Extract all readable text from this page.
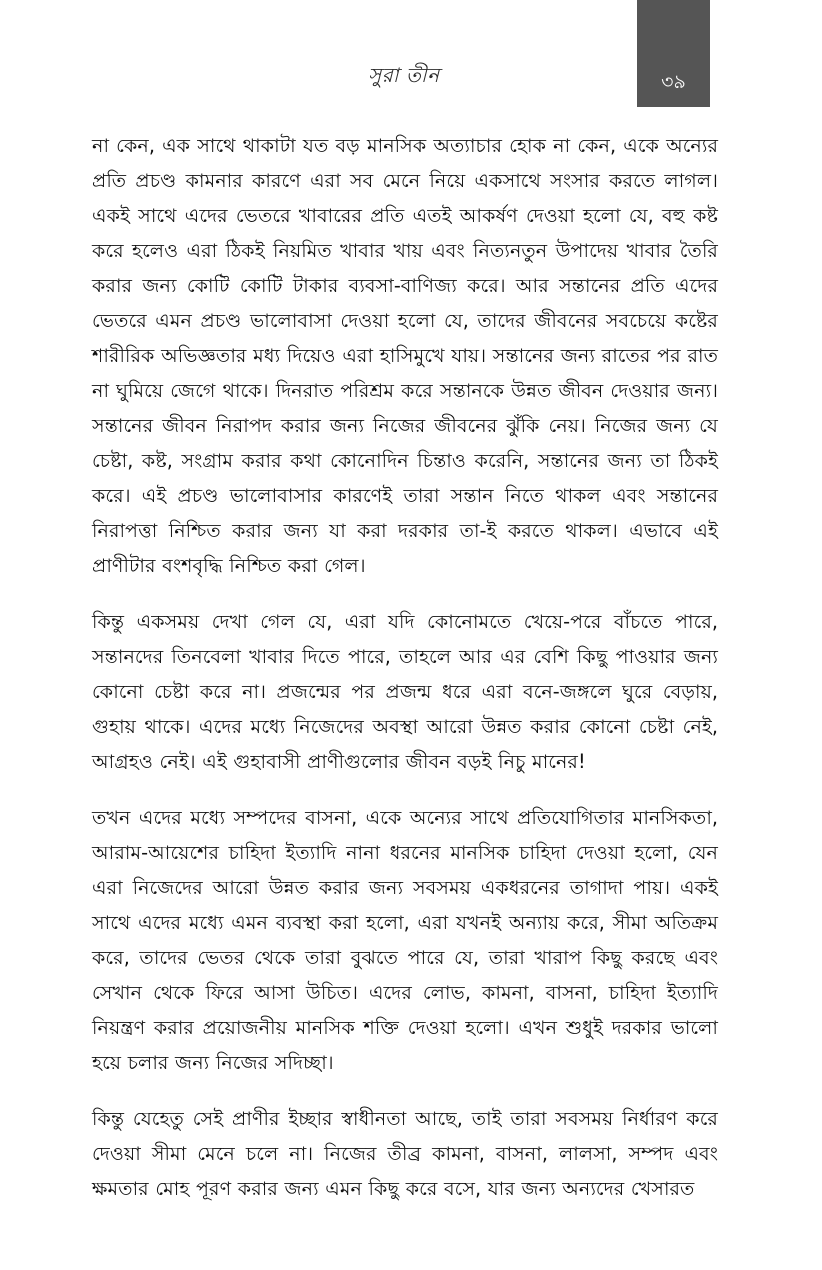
সুরা তীন	৩৯

না কেন, এক সাথে থাকাটা যত বড় মানসিক অত্যাচার হোক না কেন, একে অন্যের প্রতি প্রচণ্ড কামনার কারণে এরা সব মেনে নিয়ে একসাথে সংসার করতে লাগল। একই সাথে এদের ভেতরে খাবারের প্রতি এতই আকর্ষণ দেওয়া হলো যে, বহু কষ্ট করে হলেও এরা ঠিকই নিয়মিত খাবার খায় এবং নিত্যনতুন উপাদেয় খাবার তৈরি করার জন্য কোটি কোটি টাকার ব্যবসা-বাণিজ্য করে। আর সন্তানের প্রতি এদের ভেতরে এমন প্রচণ্ড ভালোবাসা দেওয়া হলো যে, তাদের জীবনের সবচেয়ে কষ্টের শারীরিক অভিজ্ঞতার মধ্য দিয়েও এরা হাসিমুখে যায়। সন্তানের জন্য রাতের পর রাত না ঘুমিয়ে জেগে থাকে। দিনরাত পরিশ্রম করে সন্তানকে উন্নত জীবন দেওয়ার জন্য। সন্তানের জীবন নিরাপদ করার জন্য নিজের জীবনের ঝুঁকি নেয়। নিজের জন্য যে চেষ্টা, কষ্ট, সংগ্রাম করার কথা কোনোদিন চিন্তাও করেনি, সন্তানের জন্য তা ঠিকই করে। এই প্রচণ্ড ভালোবাসার কারণেই তারা সন্তান নিতে থাকল এবং সন্তানের নিরাপত্তা নিশ্চিত করার জন্য যা করা দরকার তা-ই করতে থাকল। এভাবে এই প্রাণীটার বংশবৃদ্ধি নিশ্চিত করা গেল।

কিন্তু একসময় দেখা গেল যে, এরা যদি কোনোমতে খেয়ে-পরে বাঁচতে পারে, সন্তানদের তিনবেলা খাবার দিতে পারে, তাহলে আর এর বেশি কিছু পাওয়ার জন্য কোনো চেষ্টা করে না। প্রজন্মের পর প্রজন্ম ধরে এরা বনে-জঙ্গলে ঘুরে বেড়ায়, গুহায় থাকে। এদের মধ্যে নিজেদের অবস্থা আরো উন্নত করার কোনো চেষ্টা নেই, আগ্রহও নেই। এই গুহাবাসী প্রাণীগুলোর জীবন বড়ই নিচু মানের!

তখন এদের মধ্যে সম্পদের বাসনা, একে অন্যের সাথে প্রতিযোগিতার মানসিকতা, আরাম-আয়েশের চাহিদা ইত্যাদি নানা ধরনের মানসিক চাহিদা দেওয়া হলো, যেন এরা নিজেদের আরো উন্নত করার জন্য সবসময় একধরনের তাগাদা পায়। একই সাথে এদের মধ্যে এমন ব্যবস্থা করা হলো, এরা যখনই অন্যায় করে, সীমা অতিক্রম করে, তাদের ভেতর থেকে তারা বুঝতে পারে যে, তারা খারাপ কিছু করছে এবং সেখান থেকে ফিরে আসা উচিত। এদের লোভ, কামনা, বাসনা, চাহিদা ইত্যাদি নিয়ন্ত্রণ করার প্রয়োজনীয় মানসিক শক্তি দেওয়া হলো। এখন শুধুই দরকার ভালো হয়ে চলার জন্য নিজের সদিচ্ছা।

কিন্তু যেহেতু সেই প্রাণীর ইচ্ছার স্বাধীনতা আছে, তাই তারা সবসময় নির্ধারণ করে দেওয়া সীমা মেনে চলে না। নিজের তীব্র কামনা, বাসনা, লালসা, সম্পদ এবং ক্ষমতার মোহ পূরণ করার জন্য এমন কিছু করে বসে, যার জন্য অন্যদের খেসারত
